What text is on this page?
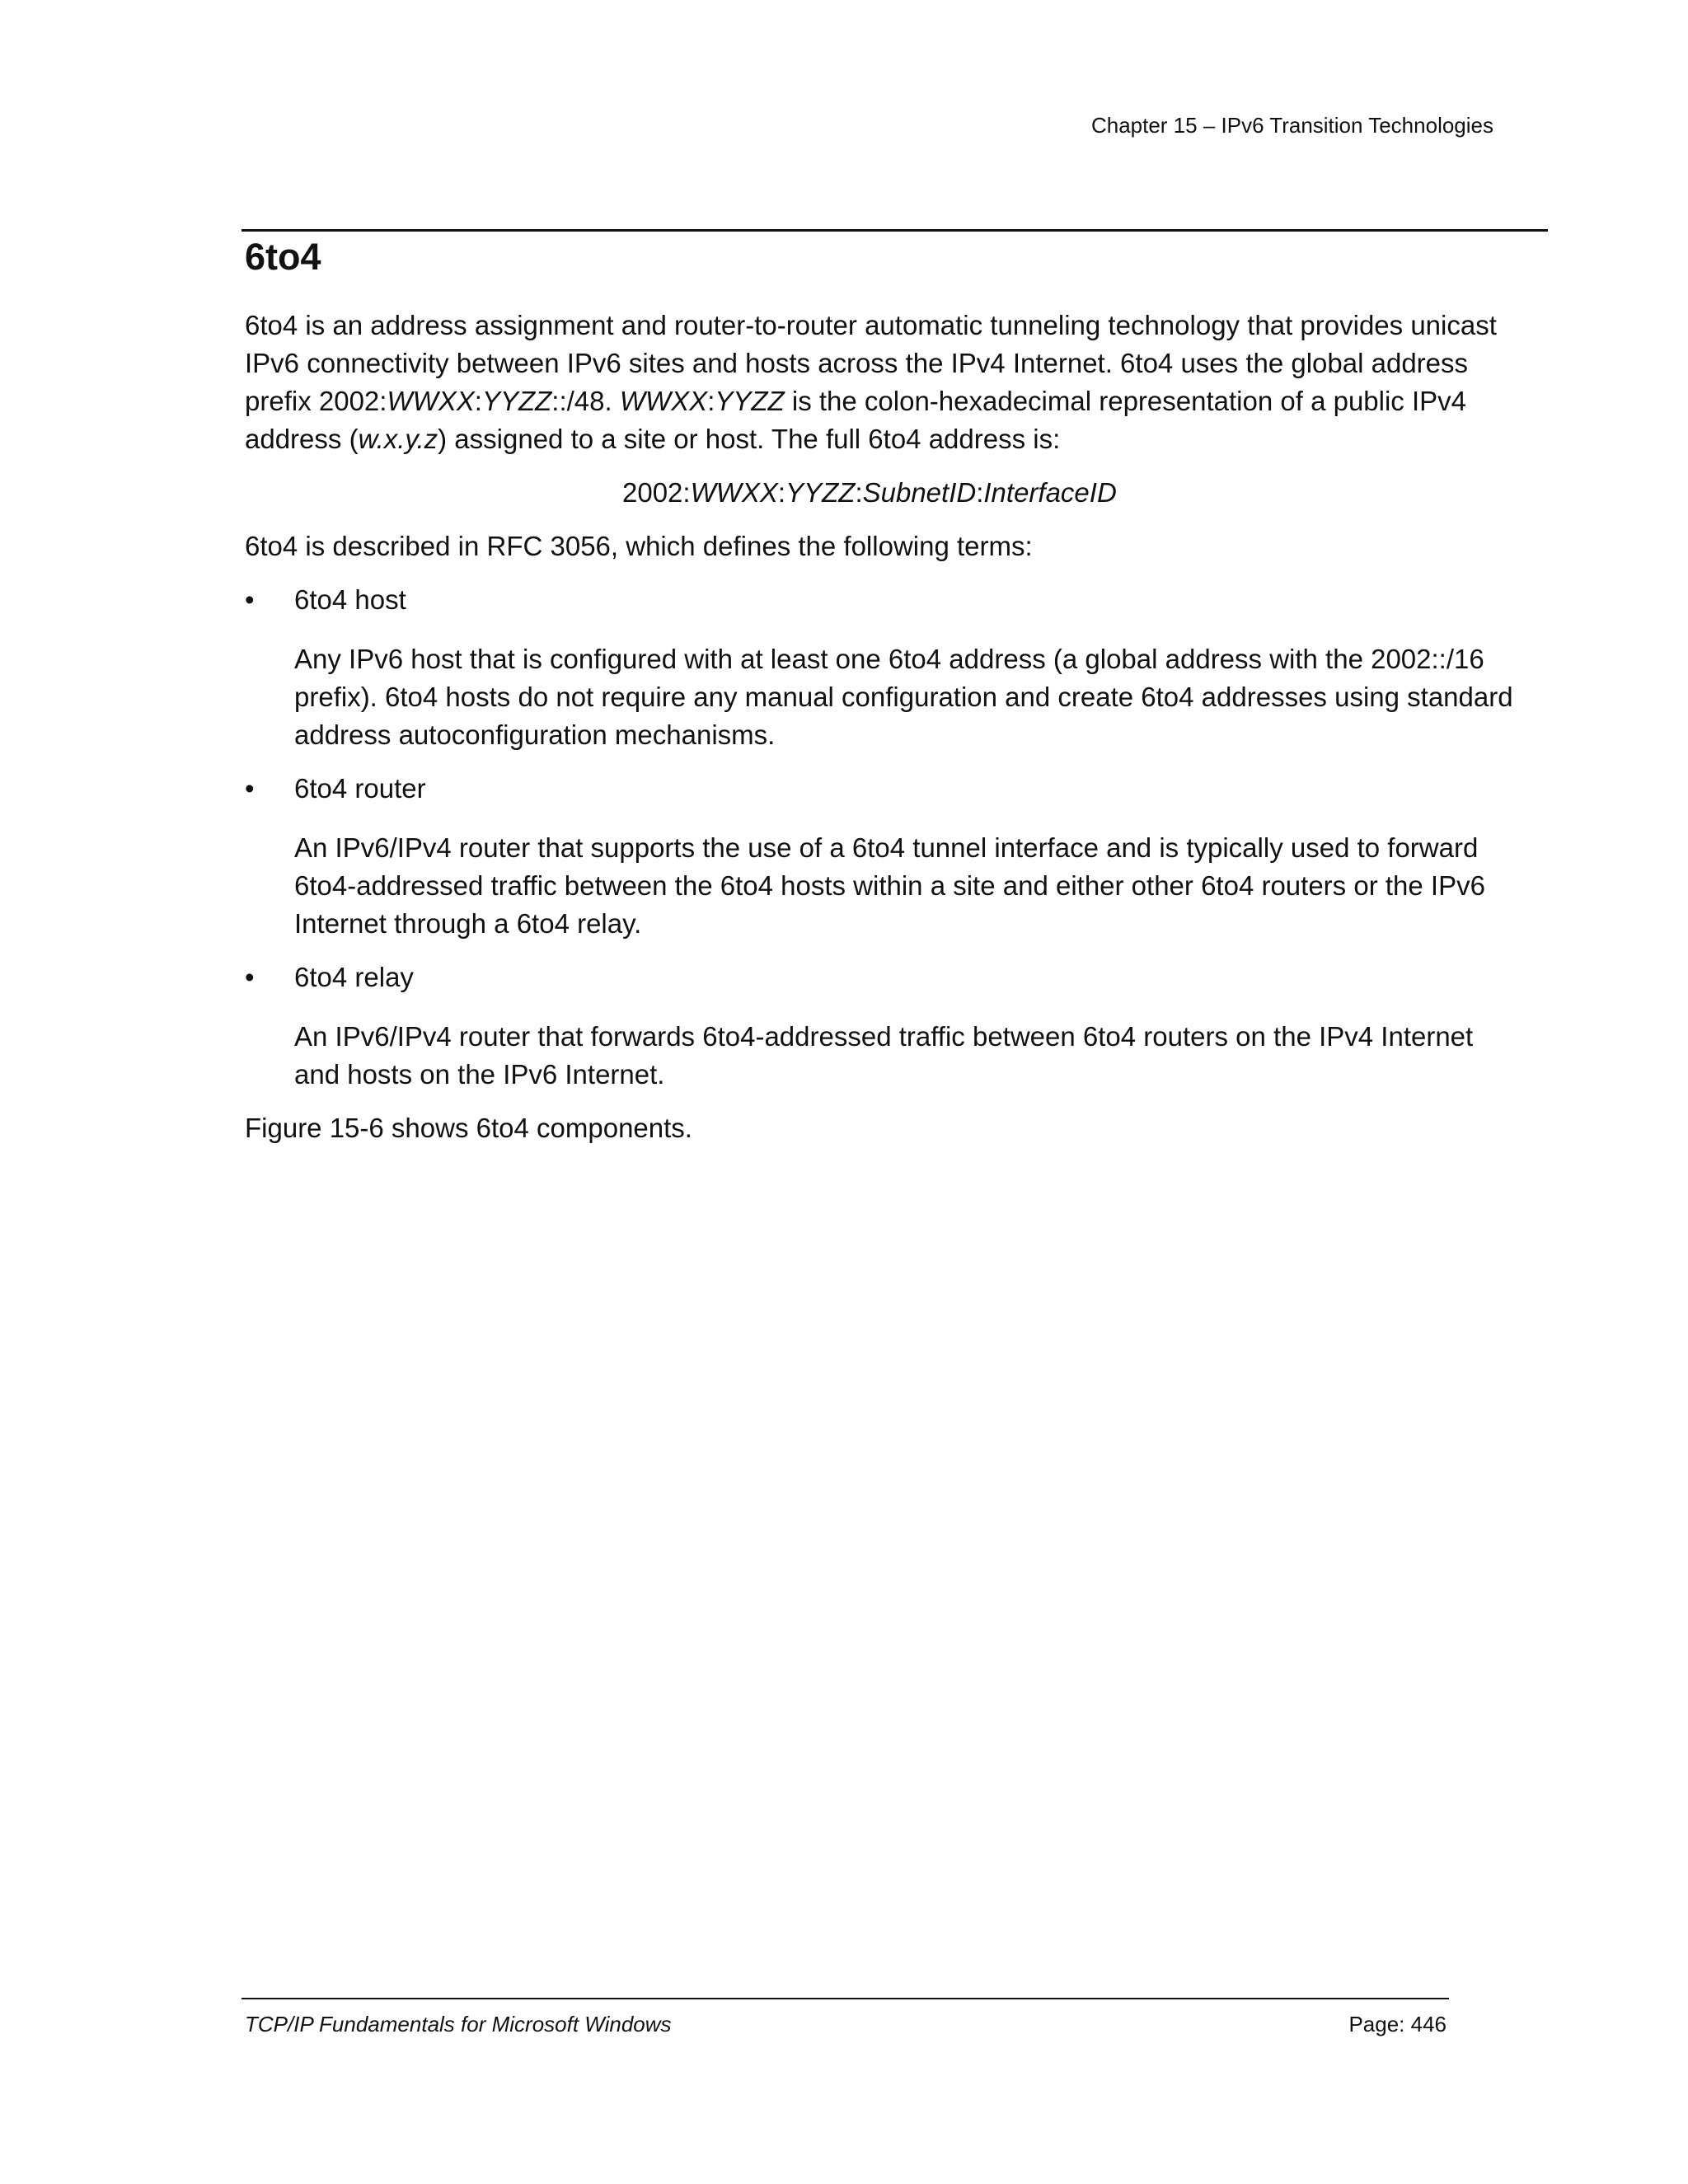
Chapter 15 – IPv6 Transition Technologies
6to4

6to4 is an address assignment and router-to-router automatic tunneling technology that provides unicast IPv6 connectivity between IPv6 sites and hosts across the IPv4 Internet. 6to4 uses the global address prefix 2002:WWXX:YYZZ::/48. WWXX:YYZZ is the colon-hexadecimal representation of a public IPv4 address (w.x.y.z) assigned to a site or host. The full 6to4 address is:

2002:WWXX:YYZZ:SubnetID:InterfaceID

6to4 is described in RFC 3056, which defines the following terms:

• 6to4 host

Any IPv6 host that is configured with at least one 6to4 address (a global address with the 2002::/16 prefix). 6to4 hosts do not require any manual configuration and create 6to4 addresses using standard address autoconfiguration mechanisms.

• 6to4 router

An IPv6/IPv4 router that supports the use of a 6to4 tunnel interface and is typically used to forward 6to4-addressed traffic between the 6to4 hosts within a site and either other 6to4 routers or the IPv6 Internet through a 6to4 relay.

• 6to4 relay

An IPv6/IPv4 router that forwards 6to4-addressed traffic between 6to4 routers on the IPv4 Internet and hosts on the IPv6 Internet.

Figure 15-6 shows 6to4 components.

TCP/IP Fundamentals for Microsoft Windows	Page: 446
